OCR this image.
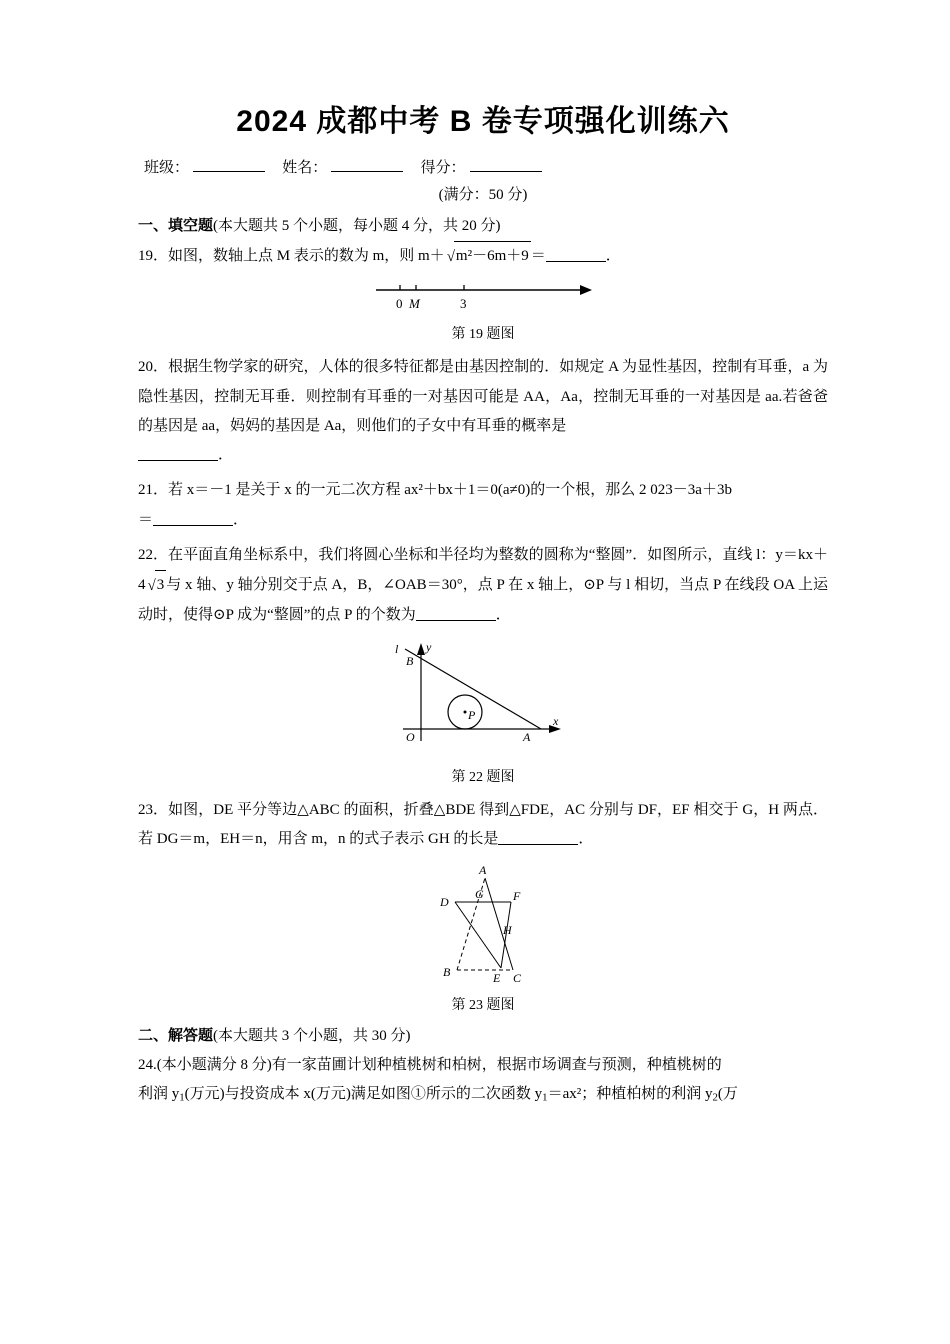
2024 成都中考 B 卷专项强化训练六
班级：	姓名：	得分：
(满分：50 分)
一、填空题(本大题共 5 个小题，每小题 4 分，共 20 分)

19．如图，数轴上点 M 表示的数为 m，则 m＋ √m²－6m＋9 ＝	．

0 M	3
第 19 题图

20．根据生物学家的研究，人体的很多特征都是由基因控制的．如规定 A 为显性基因，控制有耳垂，a 为隐性基因，控制无耳垂．则控制有耳垂的一对基因可能是 AA，Aa，控制无耳垂的一对基因是 aa.若爸爸的基因是 aa，妈妈的基因是 Aa，则他们的子女中有耳垂的概率是
．

21．若 x＝－1 是关于 x 的一元二次方程 ax²＋bx＋1＝0(a≠0)的一个根，那么 2 023－3a＋3b
＝	．

22．在平面直角坐标系中，我们将圆心坐标和半径均为整数的圆称为“整圆”．如图所示，直线 l：y＝kx＋4 √3 与 x 轴、y 轴分别交于点 A，B，∠OAB＝30°，点 P 在 x 轴上，⊙P 与 l 相切，当点 P 在线段 OA 上运动时，使得⊙P 成为“整圆”的点 P 的个数为	．

l y
B
O
P
A
x
第 22 题图

23．如图，DE 平分等边△ABC 的面积，折叠△BDE 得到△FDE，AC 分别与 DF，EF 相交于 G，H 两点．若 DG＝m，EH＝n，用含 m，n 的式子表示 GH 的长是	．

A
D
G F
H
B	E C
第 23 题图
二、解答题(本大题共 3 个小题，共 30 分)

24.(本小题满分 8 分)有一家苗圃计划种植桃树和柏树，根据市场调查与预测，种植桃树的
利润 $y_1$(万元)与投资成本 x(万元)满足如图①所示的二次函数 $y_1=ax^2$；种植柏树的利润 $y_2$(万
